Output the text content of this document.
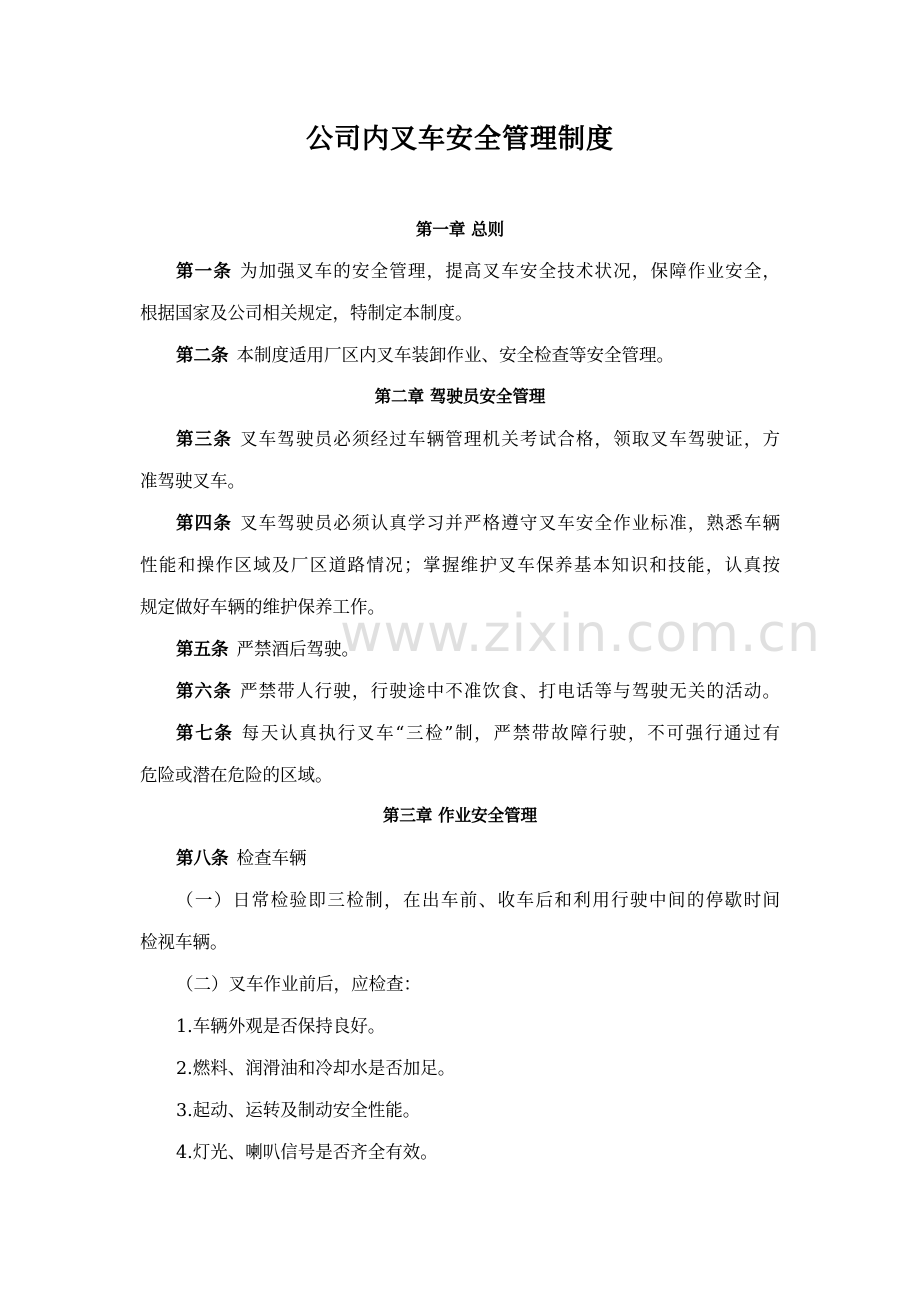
公司内叉车安全管理制度

第一章 总则

第一条 为加强叉车的安全管理，提高叉车安全技术状况，保障作业安全，

根据国家及公司相关规定，特制定本制度。

第二条 本制度适用厂区内叉车装卸作业、安全检查等安全管理。

第二章 驾驶员安全管理

第三条 叉车驾驶员必须经过车辆管理机关考试合格，领取叉车驾驶证，方

准驾驶叉车。

第四条 叉车驾驶员必须认真学习并严格遵守叉车安全作业标准，熟悉车辆

性能和操作区域及厂区道路情况；掌握维护叉车保养基本知识和技能，认真按

规定做好车辆的维护保养工作。

第五条 严禁酒后驾驶。

第六条 严禁带人行驶，行驶途中不准饮食、打电话等与驾驶无关的活动。

第七条 每天认真执行叉车“三检”制，严禁带故障行驶，不可强行通过有

危险或潜在危险的区域。

第三章 作业安全管理

第八条 检查车辆

（一）日常检验即三检制，在出车前、收车后和利用行驶中间的停歇时间

检视车辆。

（二）叉车作业前后，应检查：

1.车辆外观是否保持良好。

2.燃料、润滑油和冷却水是否加足。

3.起动、运转及制动安全性能。

4.灯光、喇叭信号是否齐全有效。

www.zixin.com.cn
